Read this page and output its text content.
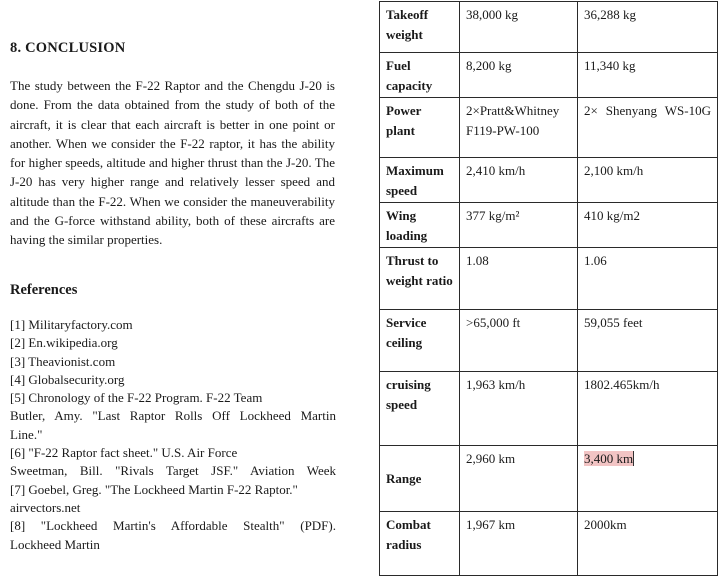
8. CONCLUSION

The study between the F-22 Raptor and the Chengdu J-20 is done. From the data obtained from the study of both of the aircraft, it is clear that each aircraft is better in one point or another. When we consider the F-22 raptor, it has the ability for higher speeds, altitude and higher thrust than the J-20. The J-20 has very higher range and relatively lesser speed and altitude than the F-22. When we consider the maneuverability and the G-force withstand ability, both of these aircrafts are having the similar properties.

References
[1] Militaryfactory.com
[2] En.wikipedia.org
[3] Theavionist.com
[4] Globalsecurity.org
[5] Chronology of the F-22 Program. F-22 Team
Butler, Amy. "Last Raptor Rolls Off Lockheed Martin
Line."
[6] "F-22 Raptor fact sheet." U.S. Air Force
Sweetman, Bill. "Rivals Target JSF." Aviation Week
[7] Goebel, Greg. "The Lockheed Martin F-22 Raptor."
airvectors.net
[8] "Lockheed Martin's Affordable Stealth" (PDF).
Lockheed Martin
Takeoff weight	38,000 kg	36,288 kg
Fuel capacity	8,200 kg	11,340 kg
Power plant	2×Pratt&Whitney F119-PW-100	2× Shenyang WS-10G
Maximum speed	2,410 km/h	2,100 km/h
Wing loading	377 kg/m²	410 kg/m2
Thrust to weight ratio	1.08	1.06
Service ceiling	>65,000 ft	59,055 feet
cruising speed	1,963 km/h	1802.465km/h
Range	2,960 km	3,400 km
Combat radius	1,967 km	2000km
